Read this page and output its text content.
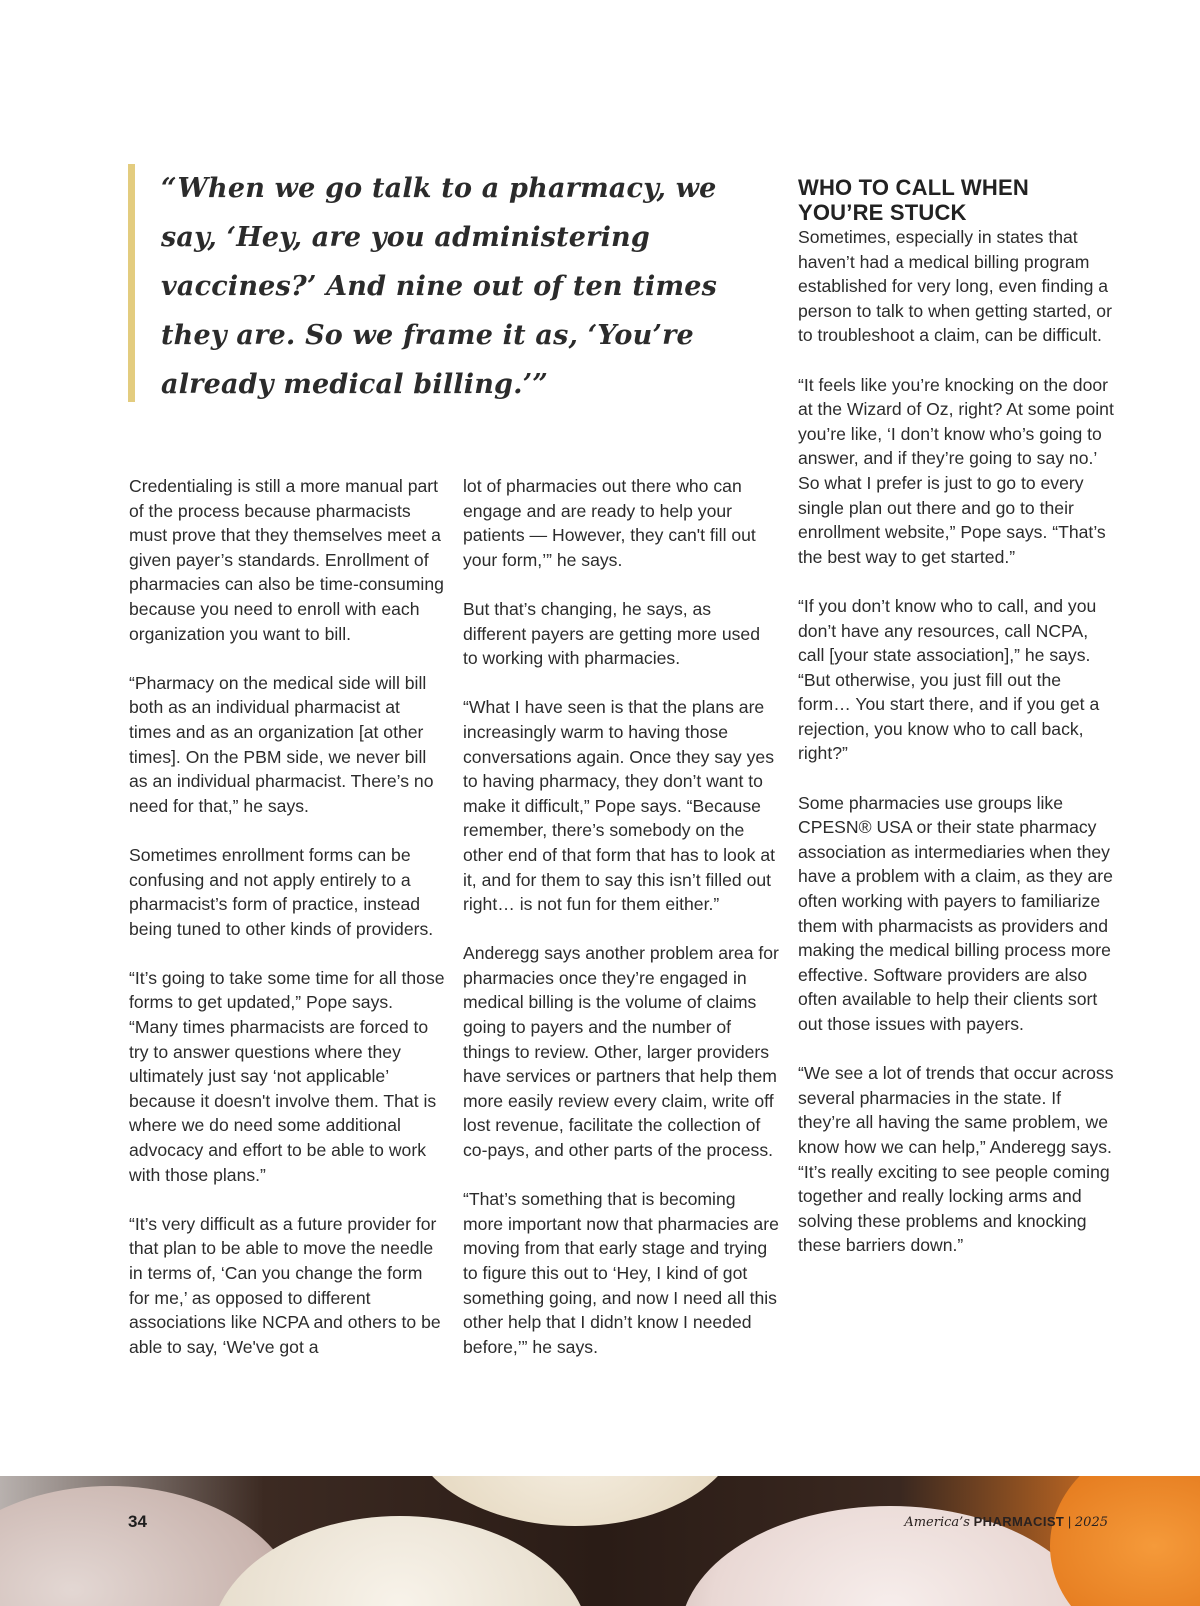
“When we go talk to a pharmacy, we say, ‘Hey, are you administering vaccines?’ And nine out of ten times they are. So we frame it as, ‘You’re already medical billing.’”

Credentialing is still a more manual part of the process because pharmacists must prove that they themselves meet a given payer’s standards. Enrollment of pharmacies can also be time-consuming because you need to enroll with each organization you want to bill.

“Pharmacy on the medical side will bill both as an individual pharmacist at times and as an organization [at other times]. On the PBM side, we never bill as an individual pharmacist. There’s no need for that,” he says.

Sometimes enrollment forms can be confusing and not apply entirely to a pharmacist’s form of practice, instead being tuned to other kinds of providers.

“It’s going to take some time for all those forms to get updated,” Pope says. “Many times pharmacists are forced to try to answer questions where they ultimately just say ‘not applicable’ because it doesn't involve them. That is where we do need some additional advocacy and effort to be able to work with those plans.”

“It’s very difficult as a future provider for that plan to be able to move the needle in terms of, ‘Can you change the form for me,’ as opposed to different associations like NCPA and others to be able to say, ‘We've got a

lot of pharmacies out there who can engage and are ready to help your patients — However, they can't fill out your form,’” he says.

But that’s changing, he says, as different payers are getting more used to working with pharmacies.

“What I have seen is that the plans are increasingly warm to having those conversations again. Once they say yes to having pharmacy, they don’t want to make it difficult,” Pope says. “Because remember, there’s somebody on the other end of that form that has to look at it, and for them to say this isn’t filled out right… is not fun for them either.”

Anderegg says another problem area for pharmacies once they’re engaged in medical billing is the volume of claims going to payers and the number of things to review. Other, larger providers have services or partners that help them more easily review every claim, write off lost revenue, facilitate the collection of co-pays, and other parts of the process.

“That’s something that is becoming more important now that pharmacies are moving from that early stage and trying to figure this out to ‘Hey, I kind of got something going, and now I need all this other help that I didn’t know I needed before,’” he says.

WHO TO CALL WHEN YOU’RE STUCK

Sometimes, especially in states that haven’t had a medical billing program established for very long, even finding a person to talk to when getting started, or to troubleshoot a claim, can be difficult.

“It feels like you’re knocking on the door at the Wizard of Oz, right? At some point you’re like, ‘I don’t know who’s going to answer, and if they’re going to say no.’ So what I prefer is just to go to every single plan out there and go to their enrollment website,” Pope says. “That’s the best way to get started.”

“If you don’t know who to call, and you don’t have any resources, call NCPA, call [your state association],” he says. “But otherwise, you just fill out the form… You start there, and if you get a rejection, you know who to call back, right?”

Some pharmacies use groups like CPESN® USA or their state pharmacy association as intermediaries when they have a problem with a claim, as they are often working with payers to familiarize them with pharmacists as providers and making the medical billing process more effective. Software providers are also often available to help their clients sort out those issues with payers.

“We see a lot of trends that occur across several pharmacies in the state. If they’re all having the same problem, we know how we can help,” Anderegg says. “It’s really exciting to see people coming together and really locking arms and solving these problems and knocking these barriers down.”

34	America’s PHARMACIST | 2025
